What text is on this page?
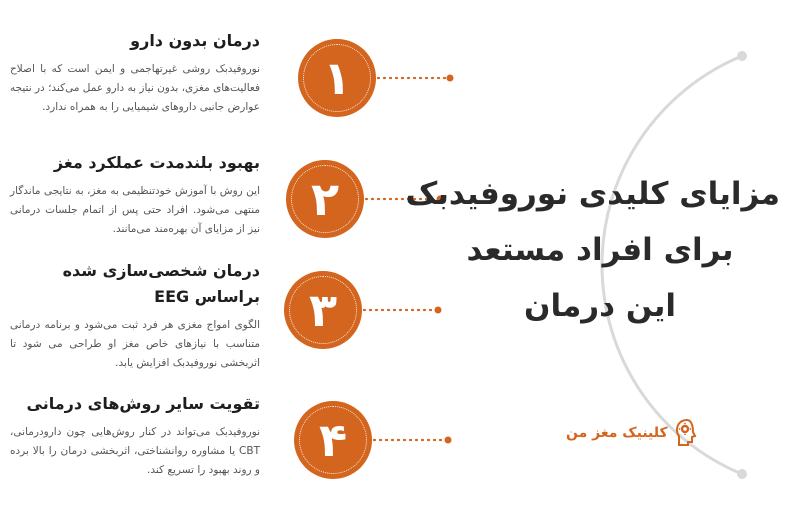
مزایای کلیدی نوروفیدبک
برای افراد مستعد
این درمان
۱
درمان بدون دارو

نوروفیدبک روشی غیرتهاجمی و ایمن است که با اصلاح فعالیت‌های مغزی، بدون نیاز به دارو عمل می‌کند؛ در نتیجه عوارض جانبی داروهای شیمیایی را به همراه ندارد.

۲
بهبود بلندمدت عملکرد مغز

این روش با آموزش خودتنظیمی به مغز، به نتایجی ماندگار منتهی می‌شود. افراد حتی پس از اتمام جلسات درمانی نیز از مزایای آن بهره‌مند می‌مانند.

۳
درمان شخصی‌سازی شده براساس EEG

الگوی امواج مغزی هر فرد ثبت می‌شود و برنامه درمانی متناسب با نیازهای خاص مغز او طراحی می شود تا اثربخشی نوروفیدبک افزایش یابد.

۴
تقویت سایر روش‌های درمانی

نوروفیدبک می‌تواند در کنار روش‌هایی چون دارودرمانی، CBT یا مشاوره روانشناختی، اثربخشی درمان را بالا برده و روند بهبود را تسریع کند.

کلینیک مغز من
